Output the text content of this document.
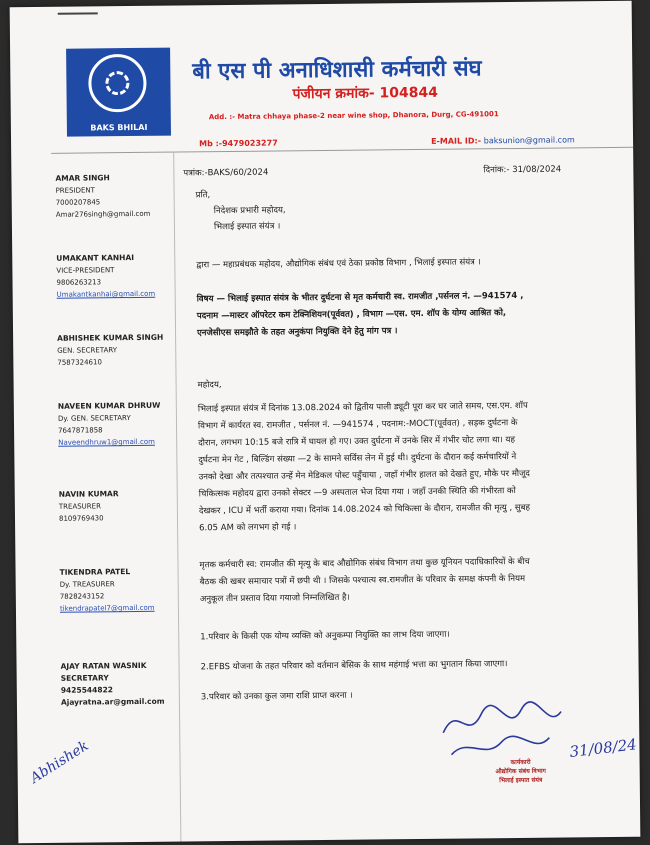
BAKS BHILAI
बी एस पी अनाधिशासी कर्मचारी संघ
पंजीयन क्रमांक- 104844
Add. :- Matra chhaya phase-2 near wine shop, Dhanora, Durg, CG-491001
Mb :-9479023277	E-MAIL ID:- baksunion@gmail.com
AMAR SINGH
PRESIDENT
7000207845
Amar276singh@gmail.com
UMAKANT KANHAI
VICE-PRESIDENT
9806263213
Umakantkanhai@gmail.com
ABHISHEK KUMAR SINGH
GEN. SECRETARY
7587324610
NAVEEN KUMAR DHRUW
Dy. GEN. SECRETARY
7647871858
Naveendhruw1@gmail.com
NAVIN KUMAR
TREASURER
8109769430
TIKENDRA PATEL
Dy. TREASURER
7828243152
tikendrapatel7@gmail.com
AJAY RATAN WASNIK
SECRETARY
9425544822
Ajayratna.ar@gmail.com
पत्रांक:-BAKS/60/2024	दिनांक:- 31/08/2024
प्रति,
निदेशक प्रभारी महोदय,
भिलाई इस्पात संयंत्र ।
द्वारा — महाप्रबंधक महोदय, औद्योगिक संबंध एवं ठेका प्रकोष्ठ विभाग , भिलाई इस्पात संयंत्र ।
विषय — भिलाई इस्पात संयंत्र के भीतर दुर्घटना से मृत कर्मचारी स्व. रामजीत ,पर्सनल नं. —941574 ,
पदनाम —मास्टर ऑपरेटर कम टेक्निशियन(पूर्ववत) , विभाग —एस. एम. शॉप के योग्य आश्रित को,
एनजेसीएस समझौते के तहत अनुकंपा नियुक्ति देने हेतु मांग पत्र ।
महोदय,
भिलाई इस्पात संयंत्र में दिनांक 13.08.2024 को द्वितीय पाली ड्यूटी पूरा कर घर जाते समय, एस.एम. शॉप
विभाग में कार्यरत स्व. रामजीत , पर्सनल नं. —941574 , पदनाम:-MOCT(पूर्ववत) , सड़क दुर्घटना के
दौरान, लगभग 10:15 बजे रात्रि में घायल हो गए। उक्त दुर्घटना में उनके सिर में गंभीर चोट लगा था। यह
दुर्घटना मेन गेट , बिल्डिंग संख्या —2 के सामने सर्विस लेन में हुई थी। दुर्घटना के दौरान कई कर्मचारियों ने
उनको देखा और तत्पश्चात उन्हें मेन मेडिकल पोस्ट पहुँचाया , जहाँ गंभीर हालत को देखते हुए, मौके पर मौजूद
चिकित्सक महोदय द्वारा उनको सेक्टर —9 अस्पताल भेज दिया गया । जहाँ उनकी स्थिति की गंभीरता को
देखकर , ICU में भर्ती कराया गया। दिनांक 14.08.2024 को चिकित्सा के दौरान, रामजीत की मृत्यु , सुबह
6.05 AM को लगभग हो गई ।
मृतक कर्मचारी स्व: रामजीत की मृत्यु के बाद औद्योगिक संबंध विभाग तथा कुछ यूनियन पदाधिकारियों के बीच
बैठक की खबर समाचार पत्रों में छपी थी । जिसके पश्चात्य स्व.रामजीत के परिवार के समक्ष कंपनी के नियम
अनुकूल तीन प्रस्ताव दिया गयाजो निम्नलिखित है।
1.परिवार के किसी एक योग्य व्यक्ति को अनुकम्पा नियुक्ति का लाभ दिया जाएगा।
2.EFBS योजना के तहत परिवार को वर्तमान बेसिक के साथ महंगाई भत्ता का भुगतान किया जाएगा।
3.परिवार को उनका कुल जमा राशि प्राप्त करना ।
31/08/24
कार्यकारी
औद्योगिक संबंध विभाग
भिलाई इस्पात संयंत्र
Abhishek
